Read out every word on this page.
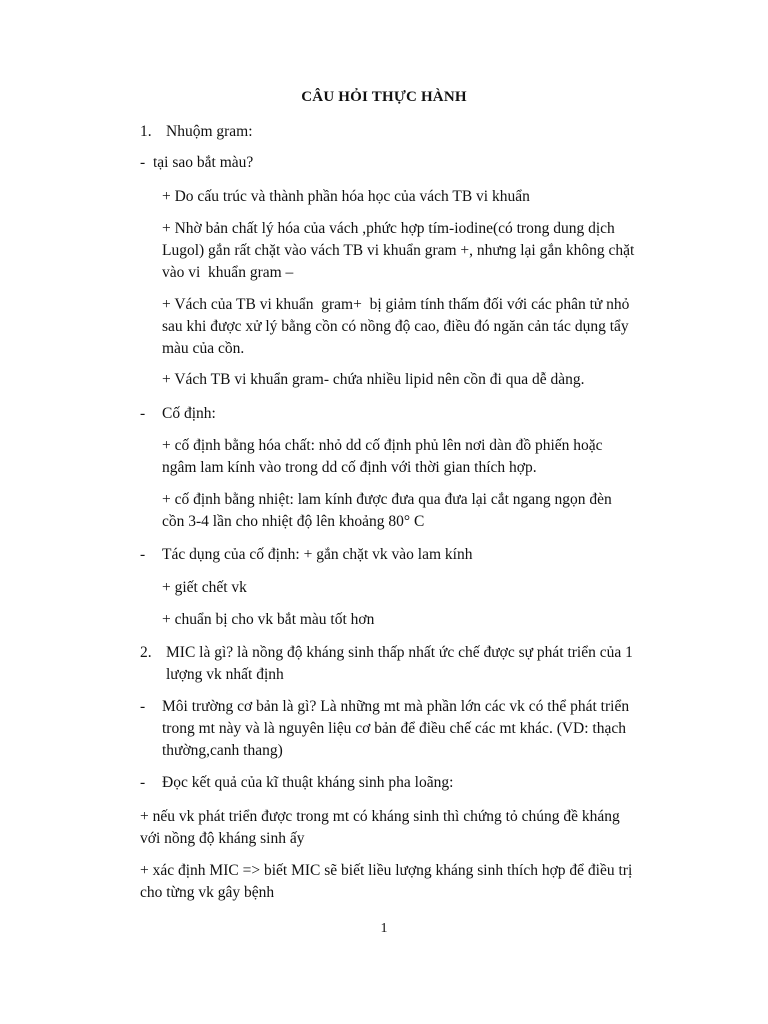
CÂU HỎI THỰC HÀNH
1. Nhuộm gram:
- tại sao bắt màu?
+ Do cấu trúc và thành phần hóa học của vách TB vi khuẩn
+ Nhờ bản chất lý hóa của vách ,phức hợp tím-iodine(có trong dung dịch
Lugol) gắn rất chặt vào vách TB vi khuẩn gram +, nhưng lại gắn không chặt
vào vi  khuẩn gram –
+ Vách của TB vi khuẩn  gram+  bị giảm tính thấm đối với các phân tử nhỏ
sau khi được xử lý bằng cồn có nồng độ cao, điều đó ngăn cản tác dụng tẩy
màu của cồn.
+ Vách TB vi khuẩn gram- chứa nhiều lipid nên cồn đi qua dễ dàng.
- Cố định:
+ cố định bằng hóa chất: nhỏ dd cố định phủ lên nơi dàn đồ phiến hoặc
ngâm lam kính vào trong dd cố định với thời gian thích hợp.
+ cố định bằng nhiệt: lam kính được đưa qua đưa lại cắt ngang ngọn đèn
cồn 3-4 lần cho nhiệt độ lên khoảng 80° C
- Tác dụng của cố định: + gắn chặt vk vào lam kính
+ giết chết vk
+ chuẩn bị cho vk bắt màu tốt hơn
2. MIC là gì? là nồng độ kháng sinh thấp nhất ức chế được sự phát triển của 1
lượng vk nhất định
- Môi trường cơ bản là gì? Là những mt mà phần lớn các vk có thể phát triển
trong mt này và là nguyên liệu cơ bản để điều chế các mt khác. (VD: thạch
thường,canh thang)
- Đọc kết quả của kĩ thuật kháng sinh pha loãng:
+ nếu vk phát triển được trong mt có kháng sinh thì chứng tỏ chúng đề kháng
với nồng độ kháng sinh ấy
+ xác định MIC => biết MIC sẽ biết liều lượng kháng sinh thích hợp để điều trị
cho từng vk gây bệnh
1
